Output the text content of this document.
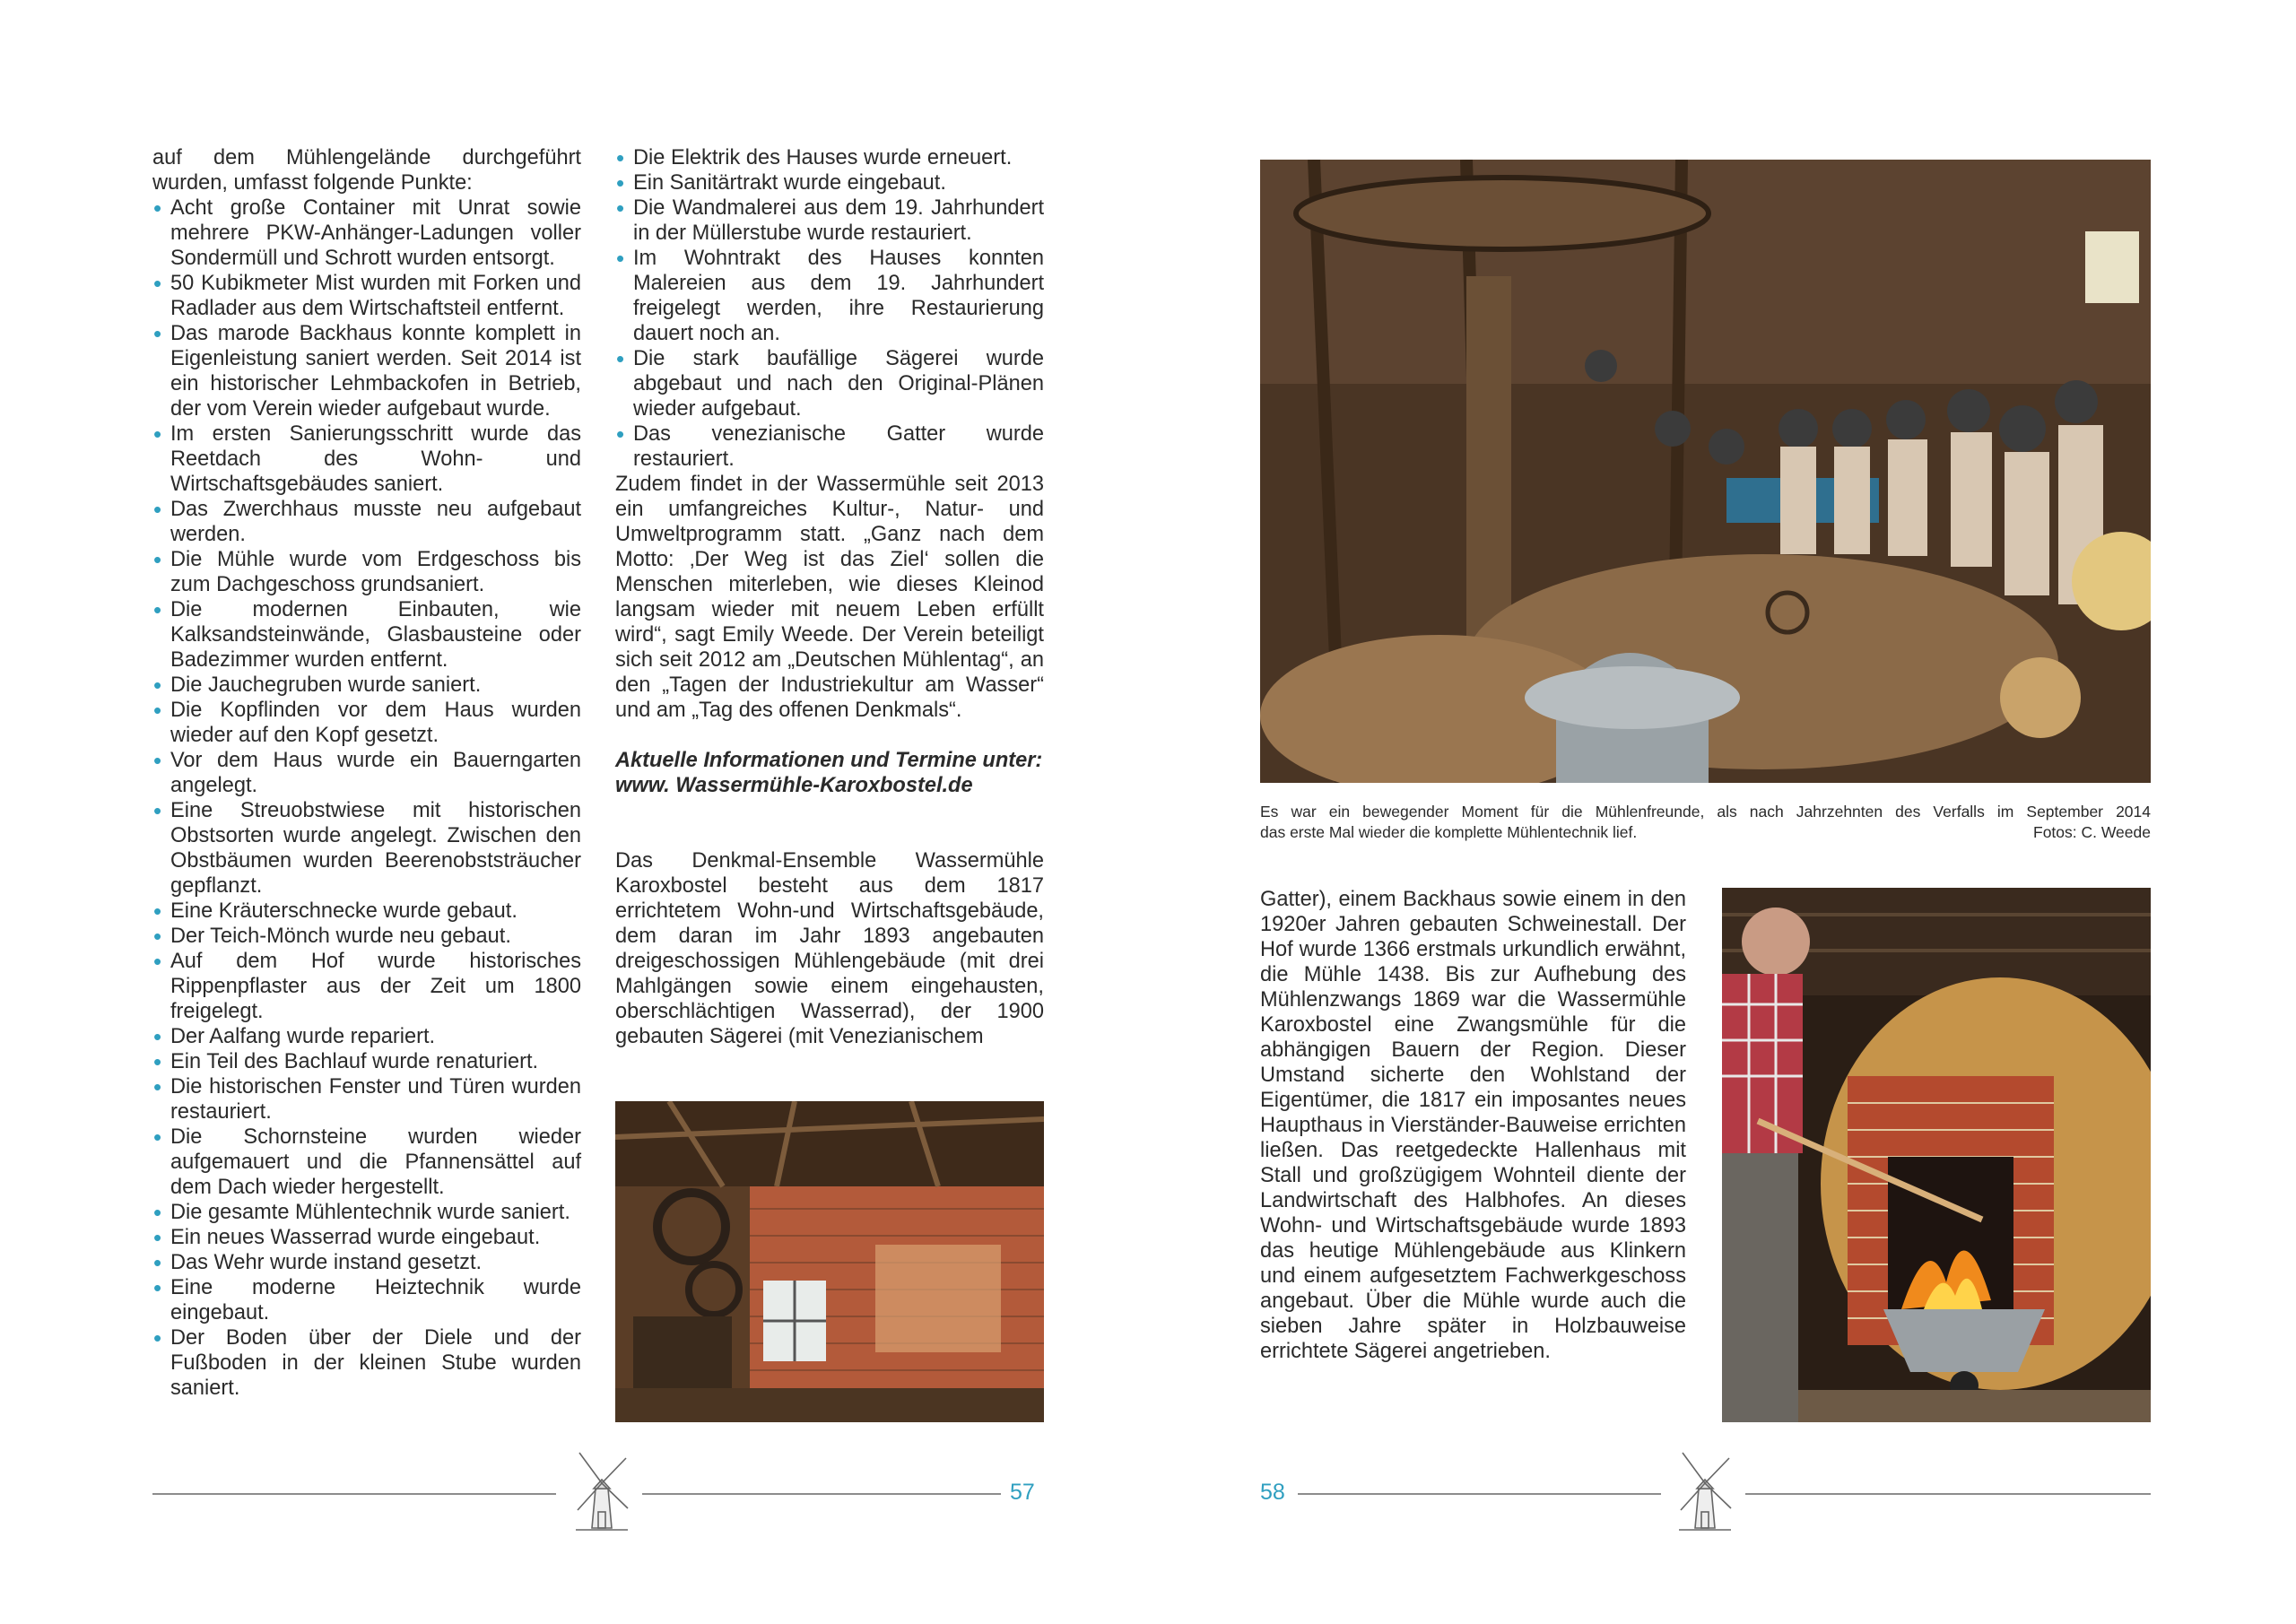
auf dem Mühlengelände durchgeführt wurden, umfasst folgende Punkte:

• Acht große Container mit Unrat sowie mehrere PKW-Anhänger-Ladungen voller Sondermüll und Schrott wurden entsorgt.
• 50 Kubikmeter Mist wurden mit Forken und Radlader aus dem Wirtschaftsteil entfernt.
• Das marode Backhaus konnte komplett in Eigenleistung saniert werden. Seit 2014 ist ein historischer Lehmbackofen in Betrieb, der vom Verein wieder aufgebaut wurde.
• Im ersten Sanierungsschritt wurde das Reetdach des Wohn- und Wirtschaftsgebäudes saniert.
• Das Zwerchhaus musste neu aufgebaut werden.
• Die Mühle wurde vom Erdgeschoss bis zum Dachgeschoss grundsaniert.
• Die modernen Einbauten, wie Kalksandsteinwände, Glasbausteine oder Badezimmer wurden entfernt.
• Die Jauchegruben wurde saniert.
• Die Kopflinden vor dem Haus wurden wieder auf den Kopf gesetzt.
• Vor dem Haus wurde ein Bauerngarten angelegt.
• Eine Streuobstwiese mit historischen Obstsorten wurde angelegt. Zwischen den Obstbäumen wurden Beerenobststräucher gepflanzt.
• Eine Kräuterschnecke wurde gebaut.
• Der Teich-Mönch wurde neu gebaut.
• Auf dem Hof wurde historisches Rippenpflaster aus der Zeit um 1800 freigelegt.
• Der Aalfang wurde repariert.
• Ein Teil des Bachlauf wurde renaturiert.
• Die historischen Fenster und Türen wurden restauriert.
• Die Schornsteine wurden wieder aufgemauert und die Pfannensättel auf dem Dach wieder hergestellt.
• Die gesamte Mühlentechnik wurde saniert.
• Ein neues Wasserrad wurde eingebaut.
• Das Wehr wurde instand gesetzt.
• Eine moderne Heiztechnik wurde eingebaut.
• Der Boden über der Diele und der Fußboden in der kleinen Stube wurden saniert.
• Die Elektrik des Hauses wurde erneuert.
• Ein Sanitärtrakt wurde eingebaut.
• Die Wandmalerei aus dem 19. Jahrhundert in der Müllerstube wurde restauriert.
• Im Wohntrakt des Hauses konnten Malereien aus dem 19. Jahrhundert freigelegt werden, ihre Restaurierung dauert noch an.
• Die stark baufällige Sägerei wurde abgebaut und nach den Original-Plänen wieder aufgebaut.
• Das venezianische Gatter wurde restauriert.

Zudem findet in der Wassermühle seit 2013 ein umfangreiches Kultur-, Natur- und Umweltprogramm statt. „Ganz nach dem Motto: ‚Der Weg ist das Ziel‘ sollen die Menschen miterleben, wie dieses Kleinod langsam wieder mit neuem Leben erfüllt wird“, sagt Emily Weede. Der Verein beteiligt sich seit 2012 am „Deutschen Mühlentag“, an den „Tagen der Industriekultur am Wasser“ und am „Tag des offenen Denkmals“.

Aktuelle Informationen und Termine unter:

www. Wassermühle-Karoxbostel.de

Das Denkmal-Ensemble Wassermühle Karoxbostel besteht aus dem 1817 errichtetem Wohn-und Wirtschaftsgebäude, dem daran im Jahr 1893 angebauten dreigeschossigen Mühlengebäude (mit drei Mahlgängen sowie einem eingehausten, oberschlächtigen Wasserrad), der 1900 gebauten Sägerei (mit Venezianischem

57
Es war ein bewegender Moment für die Mühlenfreunde, als nach Jahrzehnten des Verfalls im September 2014
das erste Mal wieder die komplette Mühlentechnik lief.	Fotos: C. Weede

Gatter), einem Backhaus sowie einem in den 1920er Jahren gebauten Schweinestall. Der Hof wurde 1366 erstmals urkundlich erwähnt, die Mühle 1438. Bis zur Aufhebung des Mühlenzwangs 1869 war die Wassermühle Karoxbostel eine Zwangsmühle für die abhängigen Bauern der Region. Dieser Umstand sicherte den Wohlstand der Eigentümer, die 1817 ein imposantes neues Haupthaus in Vierständer-Bauweise errichten ließen. Das reetgedeckte Hallenhaus mit Stall und großzügigem Wohnteil diente der Landwirtschaft des Halbhofes. An dieses Wohn- und Wirtschaftsgebäude wurde 1893 das heutige Mühlengebäude aus Klinkern und einem aufgesetztem Fachwerkgeschoss angebaut. Über die Mühle wurde auch die sieben Jahre später in Holzbauweise errichtete Sägerei angetrieben.

58
